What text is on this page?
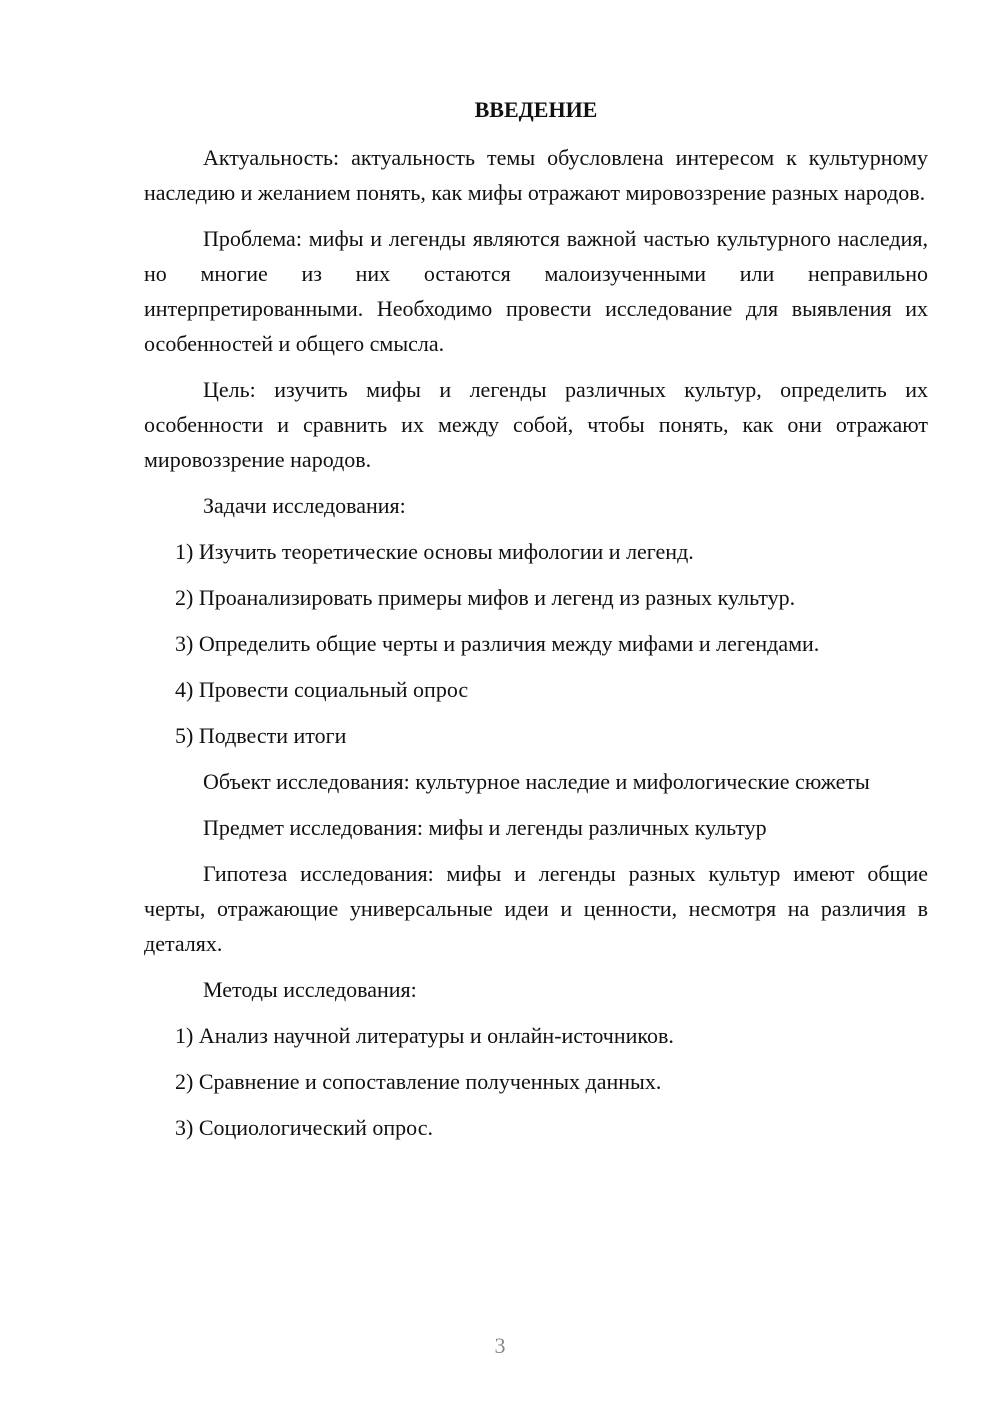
ВВЕДЕНИЕ

Актуальность: актуальность темы обусловлена интересом к культурному наследию и желанием понять, как мифы отражают мировоззрение разных народов.

Проблема: мифы и легенды являются важной частью культурного наследия, но многие из них остаются малоизученными или неправильно интерпретированными. Необходимо провести исследование для выявления их особенностей и общего смысла.

Цель: изучить мифы и легенды различных культур, определить их особенности и сравнить их между собой, чтобы понять, как они отражают мировоззрение народов.

Задачи исследования:

1) Изучить теоретические основы мифологии и легенд.
2) Проанализировать примеры мифов и легенд из разных культур.
3) Определить общие черты и различия между мифами и легендами.
4) Провести социальный опрос
5) Подвести итоги

Объект исследования: культурное наследие и мифологические сюжеты

Предмет исследования: мифы и легенды различных культур

Гипотеза исследования: мифы и легенды разных культур имеют общие черты, отражающие универсальные идеи и ценности, несмотря на различия в деталях.

Методы исследования:

1) Анализ научной литературы и онлайн-источников.
2) Сравнение и сопоставление полученных данных.
3) Социологический опрос.
3
